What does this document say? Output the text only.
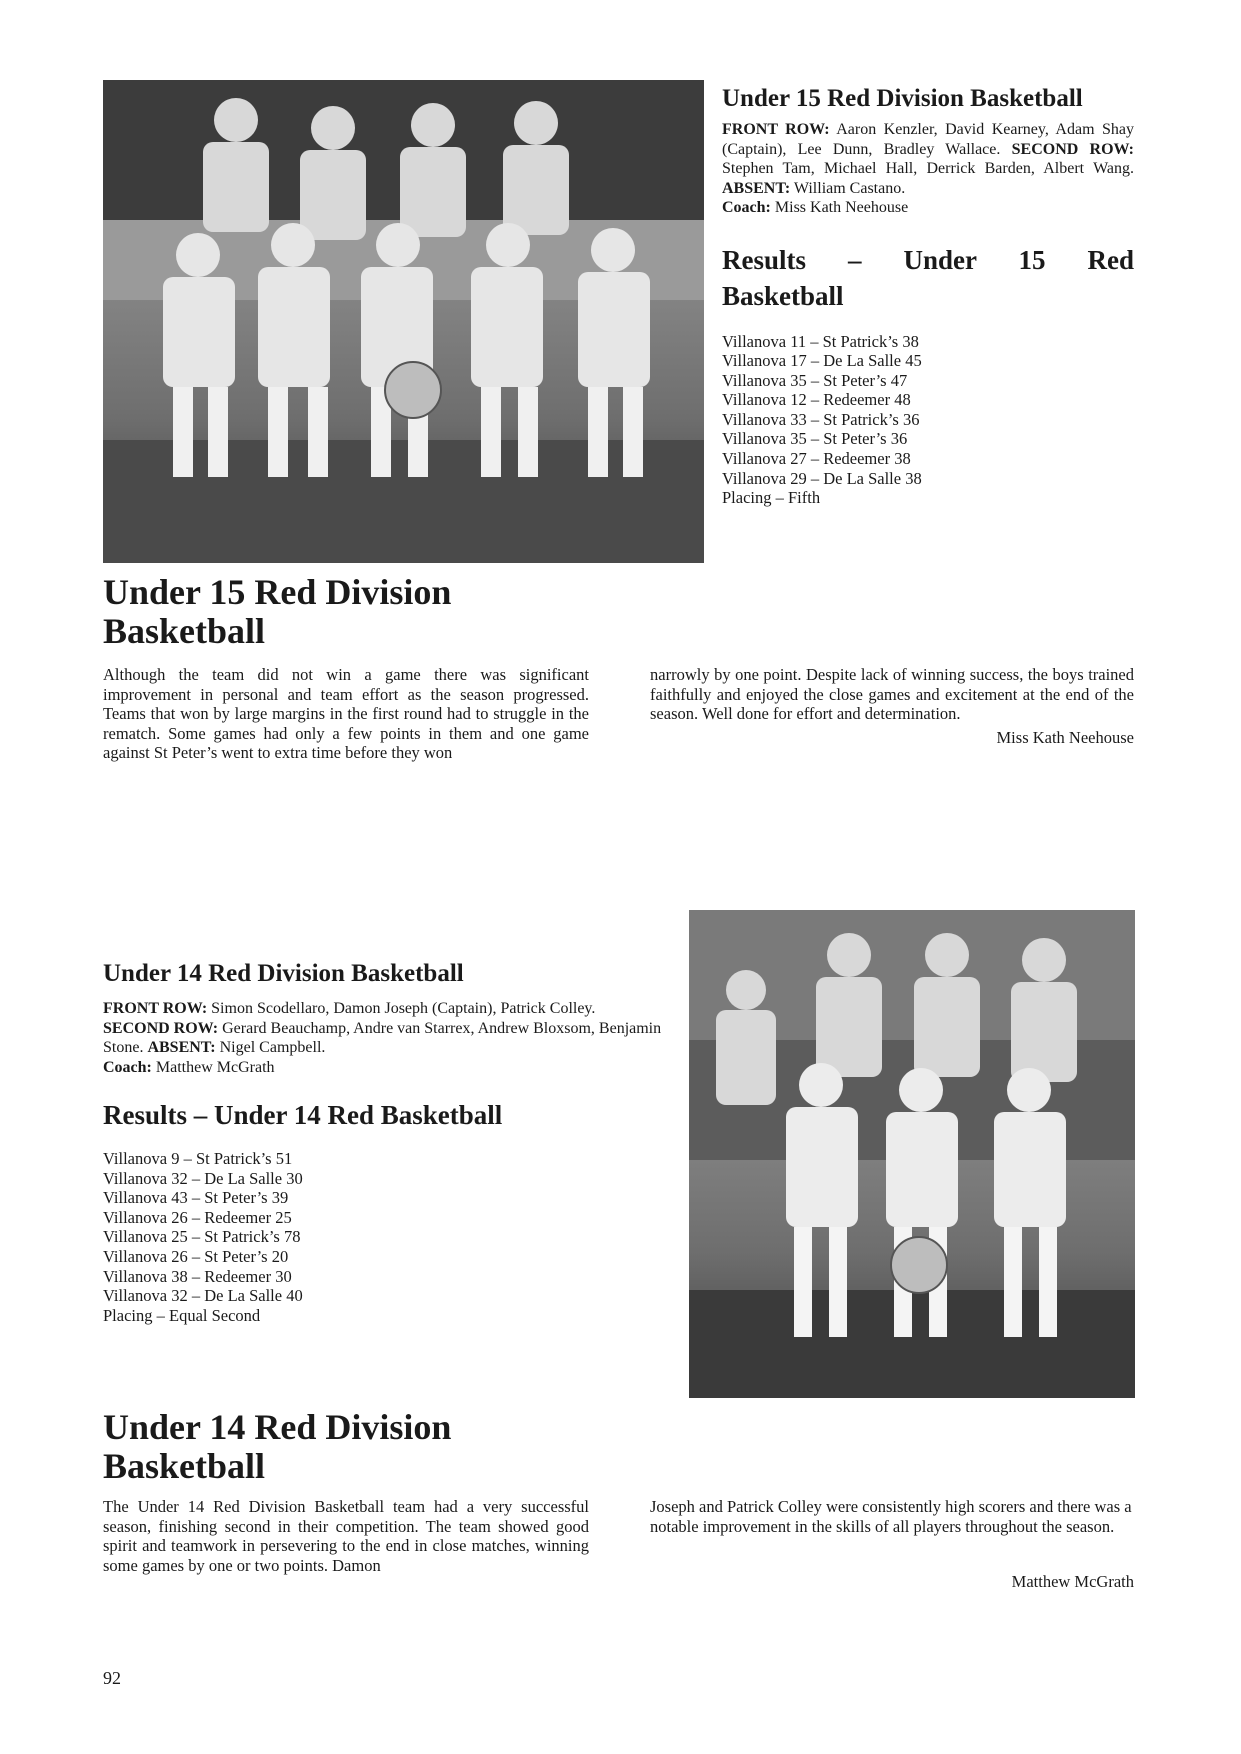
Under 15 Red Division Basketball

FRONT ROW: Aaron Kenzler, David Kearney, Adam Shay (Captain), Lee Dunn, Bradley Wallace. SECOND ROW: Stephen Tam, Michael Hall, Derrick Barden, Albert Wang. ABSENT: William Castano.
Coach: Miss Kath Neehouse

Results – Under 15 Red Basketball
Villanova 11 – St Patrick’s 38
Villanova 17 – De La Salle 45
Villanova 35 – St Peter’s 47
Villanova 12 – Redeemer 48
Villanova 33 – St Patrick’s 36
Villanova 35 – St Peter’s 36
Villanova 27 – Redeemer 38
Villanova 29 – De La Salle 38
Placing – Fifth
Under 15 Red Division
Basketball

Although the team did not win a game there was significant improvement in personal and team effort as the season progressed. Teams that won by large margins in the first round had to struggle in the rematch. Some games had only a few points in them and one game against St Peter’s went to extra time before they won

narrowly by one point. Despite lack of winning success, the boys trained faithfully and enjoyed the close games and excitement at the end of the season. Well done for effort and determination.

Miss Kath Neehouse
Under 14 Red Division Basketball

FRONT ROW: Simon Scodellaro, Damon Joseph (Captain), Patrick Colley.
SECOND ROW: Gerard Beauchamp, Andre van Starrex, Andrew Bloxsom, Benjamin Stone. ABSENT: Nigel Campbell.
Coach: Matthew McGrath

Results – Under 14 Red Basketball
Villanova 9 – St Patrick’s 51
Villanova 32 – De La Salle 30
Villanova 43 – St Peter’s 39
Villanova 26 – Redeemer 25
Villanova 25 – St Patrick’s 78
Villanova 26 – St Peter’s 20
Villanova 38 – Redeemer 30
Villanova 32 – De La Salle 40
Placing – Equal Second
Under 14 Red Division
Basketball

The Under 14 Red Division Basketball team had a very successful season, finishing second in their competition. The team showed good spirit and teamwork in persevering to the end in close matches, winning some games by one or two points. Damon

Joseph and Patrick Colley were consistently high scorers and there was a notable improvement in the skills of all players throughout the season.

Matthew McGrath
92
